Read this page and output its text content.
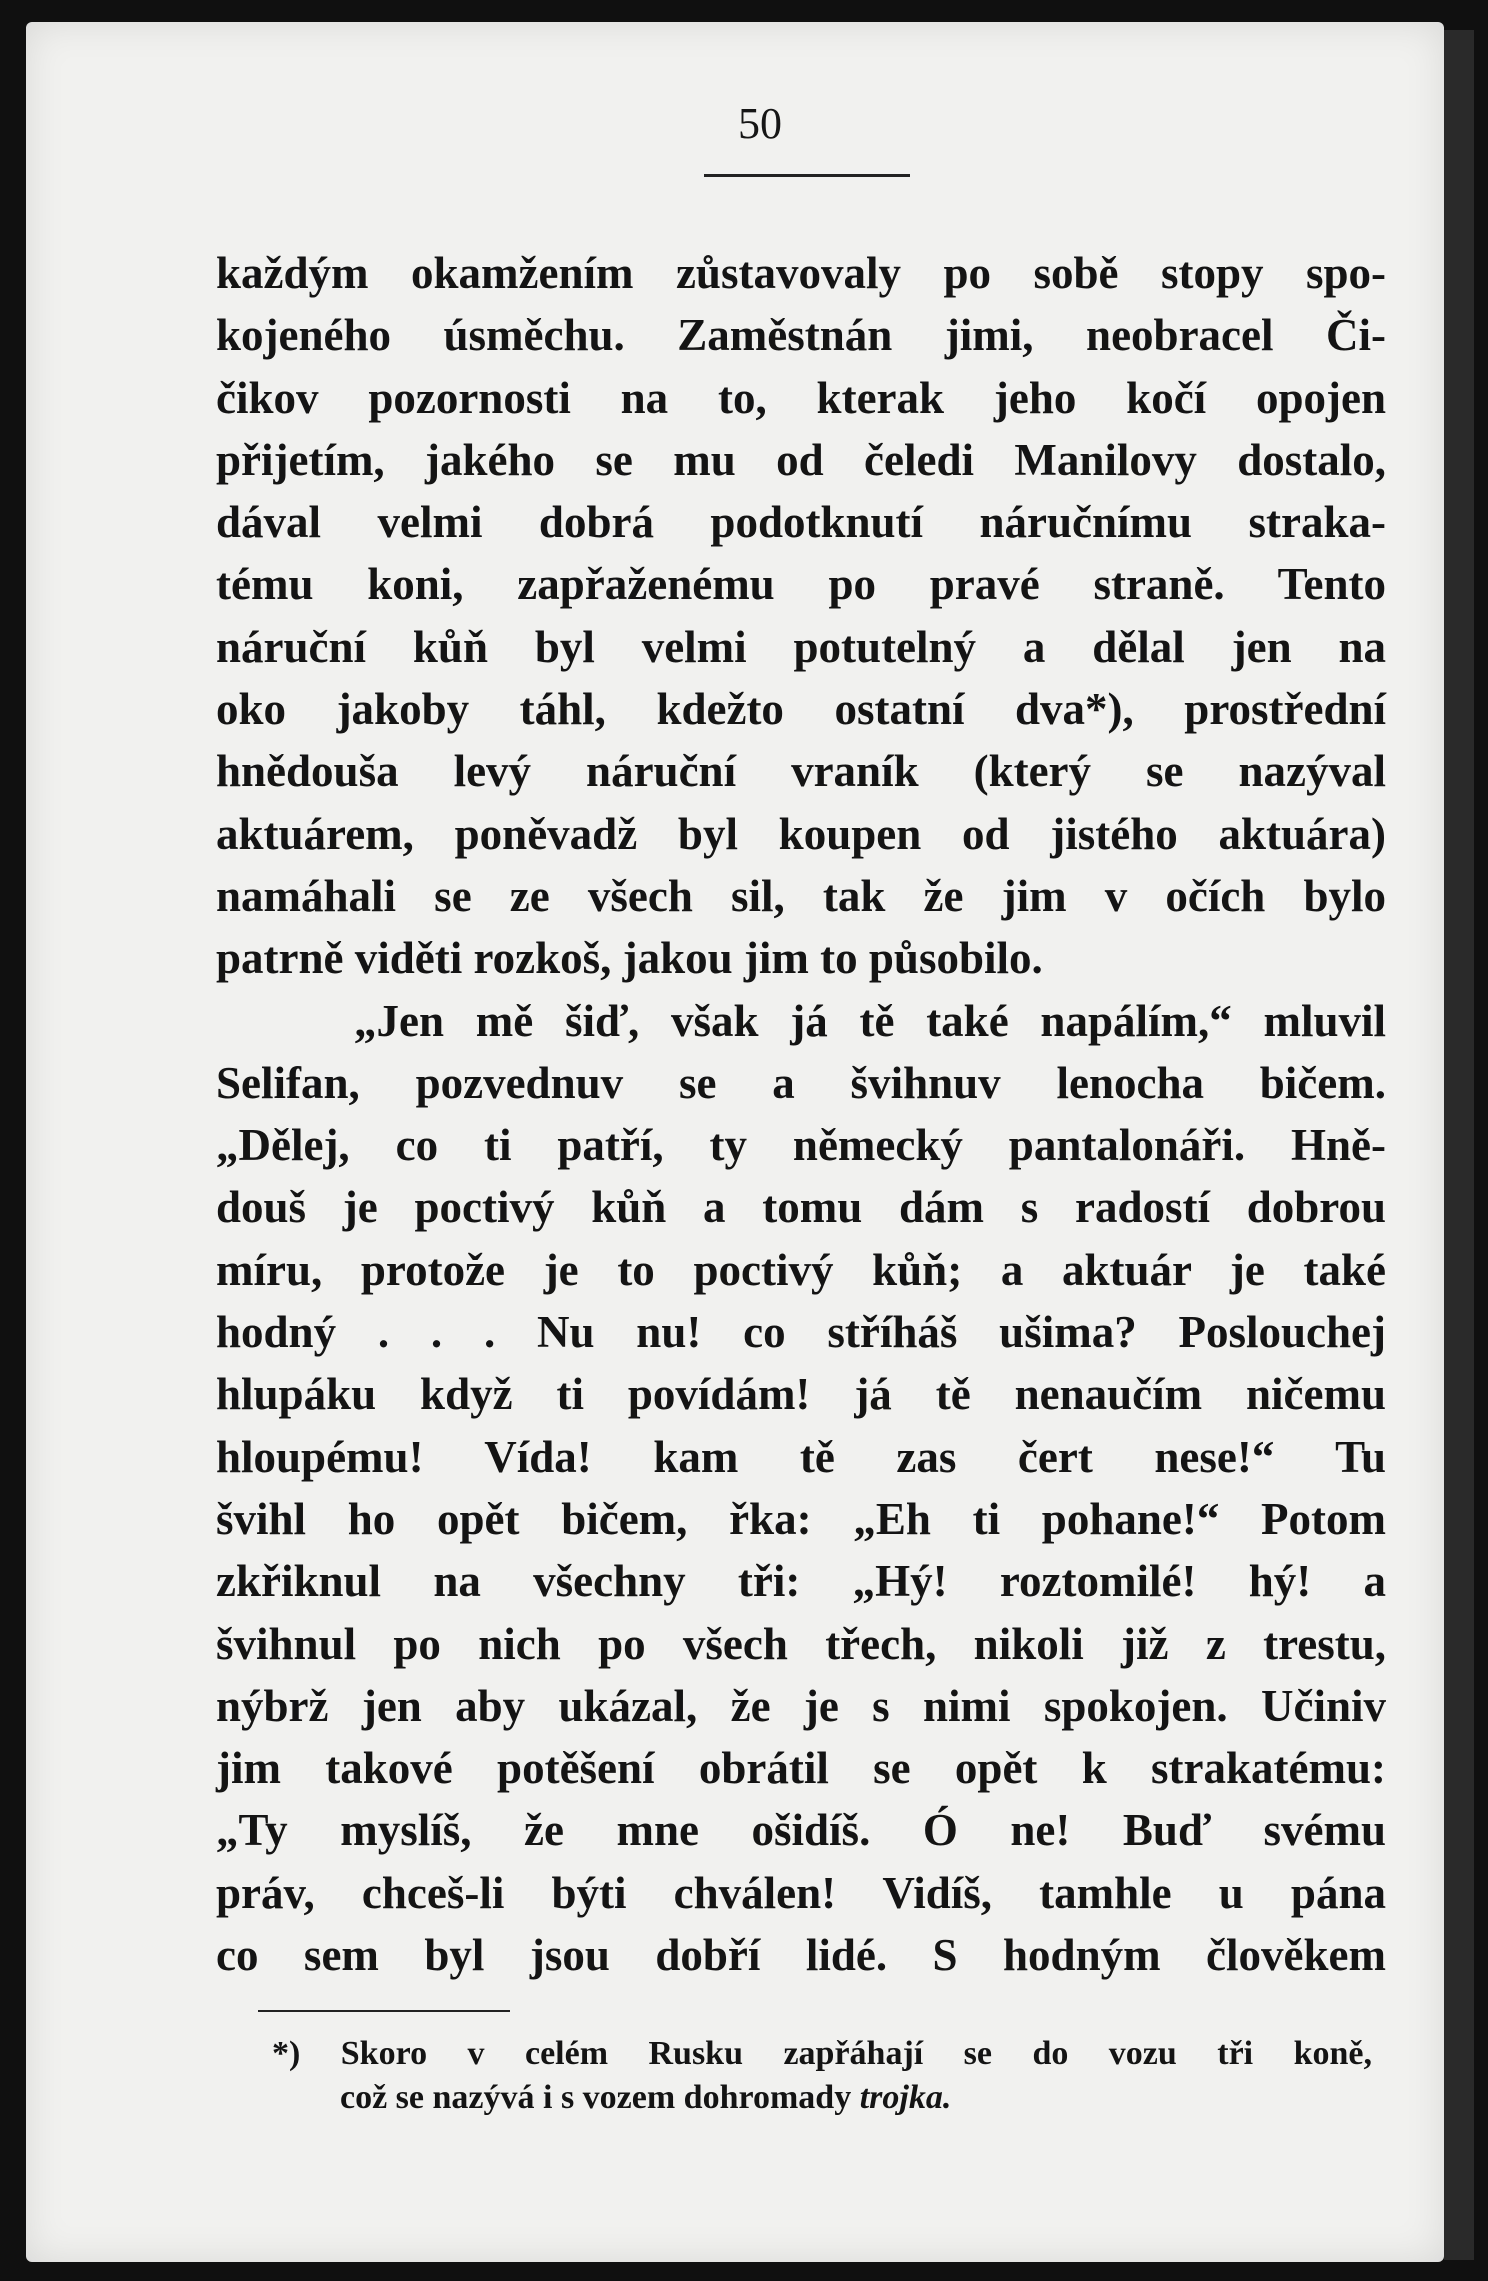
50
každým okamžením zůstavovaly po sobě stopy spo-
kojeného úsměchu. Zaměstnán jimi, neobracel Či-
čikov pozornosti na to, kterak jeho kočí opojen
přijetím, jakého se mu od čeledi Manilovy dostalo,
dával velmi dobrá podotknutí náručnímu straka-
tému koni, zapřaženému po pravé straně. Tento
náruční kůň byl velmi potutelný a dělal jen na
oko jakoby táhl, kdežto ostatní dva*), prostřední
hnědouša levý náruční vraník (který se nazýval
aktuárem, poněvadž byl koupen od jistého aktuára)
namáhali se ze všech sil, tak že jim v očích bylo
patrně viděti rozkoš, jakou jim to působilo.
„Jen mě šiď, však já tě také napálím,“ mluvil
Selifan, pozvednuv se a švihnuv lenocha bičem.
„Dělej, co ti patří, ty německý pantalonáři. Hně-
douš je poctivý kůň a tomu dám s radostí dobrou
míru, protože je to poctivý kůň; a aktuár je také
hodný . . . Nu nu! co stříháš ušima? Poslouchej
hlupáku když ti povídám! já tě nenaučím ničemu
hloupému! Vída! kam tě zas čert nese!“ Tu
švihl ho opět bičem, řka: „Eh ti pohane!“ Potom
zkřiknul na všechny tři: „Hý! roztomilé! hý! a
švihnul po nich po všech třech, nikoli již z trestu,
nýbrž jen aby ukázal, že je s nimi spokojen. Učiniv
jim takové potěšení obrátil se opět k strakatému:
„Ty myslíš, že mne ošidíš. Ó ne! Buď svému
práv, chceš-li býti chválen! Vidíš, tamhle u pána
co sem byl jsou dobří lidé. S hodným člověkem
*) Skoro v celém Rusku zapřáhají se do vozu tři koně,
což se nazývá i s vozem dohromady trojka.
